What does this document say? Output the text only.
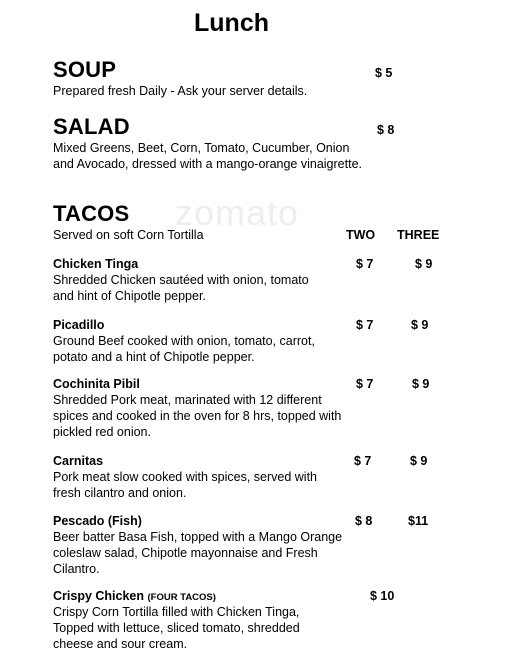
zomato
Lunch
SOUP	$ 5
Prepared fresh Daily - Ask your server details.
SALAD	$ 8
Mixed Greens, Beet, Corn, Tomato, Cucumber, Onion and Avocado, dressed with a mango-orange vinaigrette.
TACOS
Served on soft Corn Tortilla	TWO THREE
Chicken Tinga	$ 7	$ 9
Shredded Chicken sautéed with onion, tomato and hint of Chipotle pepper.
Picadillo	$ 7	$ 9
Ground Beef cooked with onion, tomato, carrot, potato and a hint of Chipotle pepper.
Cochinita Pibil	$ 7	$ 9
Shredded Pork meat, marinated with 12 different spices and cooked in the oven for 8 hrs, topped with pickled red onion.
Carnitas	$ 7	$ 9
Pork meat slow cooked with spices, served with fresh cilantro and onion.
Pescado (Fish)	$ 8	$11
Beer batter Basa Fish, topped with a Mango Orange coleslaw salad, Chipotle mayonnaise and Fresh Cilantro.
Crispy Chicken (FOUR TACOS)	$ 10
Crispy Corn Tortilla filled with Chicken Tinga, Topped with lettuce, sliced tomato, shredded cheese and sour cream.
